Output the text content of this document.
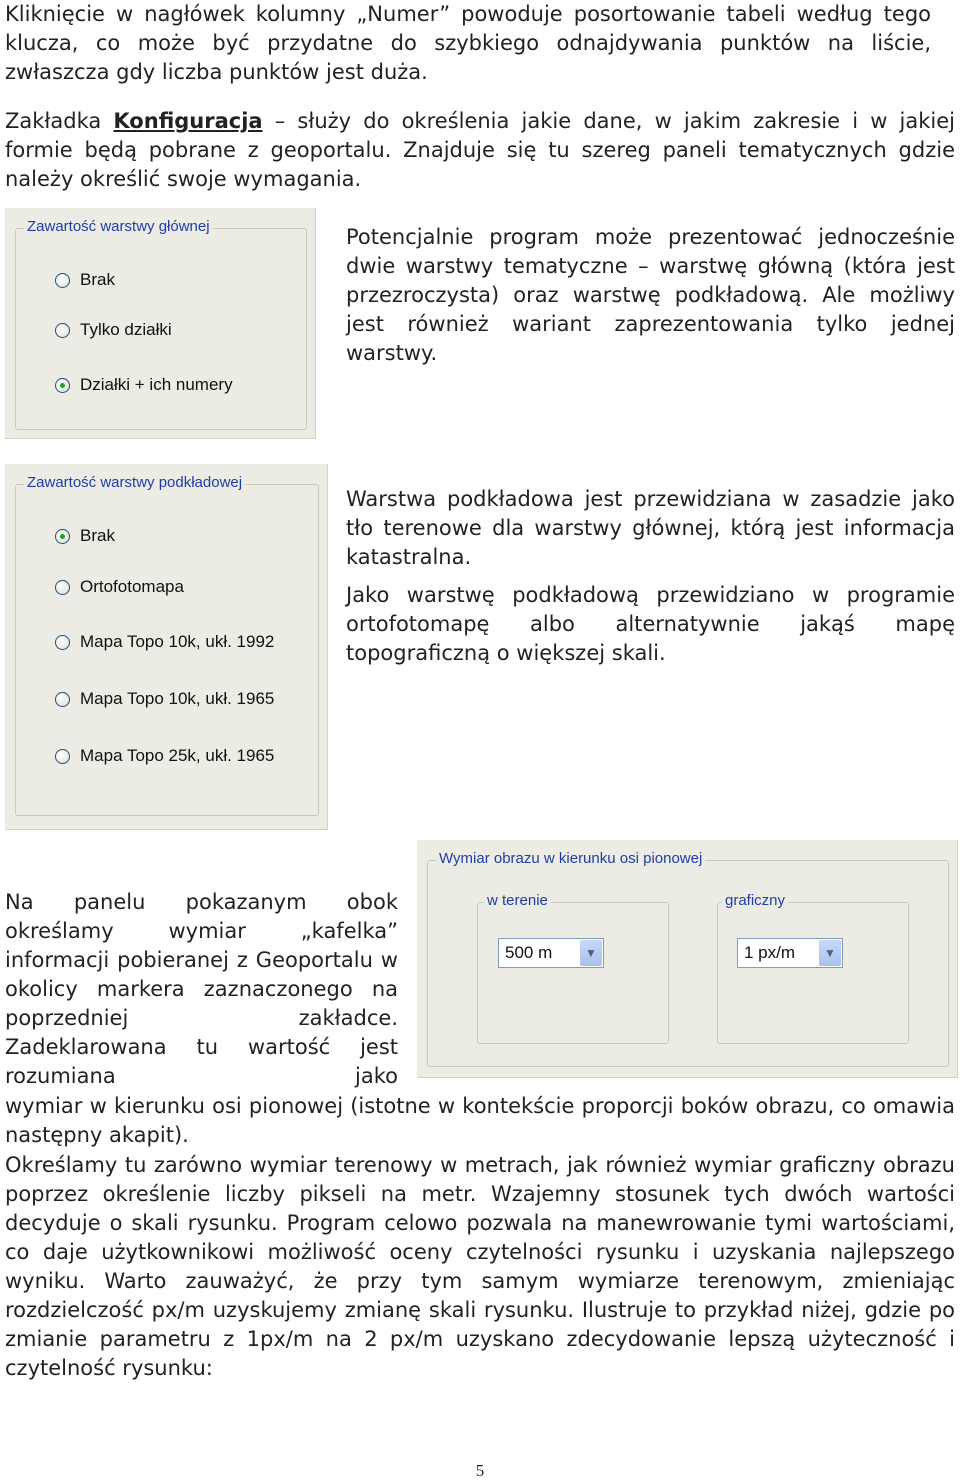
Kliknięcie w nagłówek kolumny „Numer” powoduje posortowanie tabeli według tego klucza, co może być przydatne do szybkiego odnajdywania punktów na liście, zwłaszcza gdy liczba punktów jest duża.

Zakładka Konfiguracja – służy do określenia jakie dane, w jakim zakresie i w jakiej formie będą pobrane z geoportalu. Znajduje się tu szereg paneli tematycznych gdzie należy określić swoje wymagania.

Zawartość warstwy głównej
Brak
Tylko działki
Działki + ich numery

Potencjalnie program może prezentować jednocześnie dwie warstwy tematyczne – warstwę główną (która jest przezroczysta) oraz warstwę podkładową. Ale możliwy jest również wariant zaprezentowania tylko jednej warstwy.

Zawartość warstwy podkładowej
Brak
Ortofotomapa
Mapa Topo 10k, ukł. 1992
Mapa Topo 10k, ukł. 1965
Mapa Topo 25k, ukł. 1965

Warstwa podkładowa jest przewidziana w zasadzie jako tło terenowe dla warstwy głównej, którą jest informacja katastralna.

Jako warstwę podkładową przewidziano w programie ortofotomapę albo alternatywnie jakąś mapę topograficzną o większej skali.

Wymiar obrazu w kierunku osi pionowej
w terenie
500 m	▼
graficzny
1 px/m	▼

Na panelu pokazanym obok określamy wymiar „kafelka” informacji pobieranej z Geoportalu w okolicy markera zaznaczonego na poprzedniej zakładce. Zadeklarowana tu wartość jest rozumiana jako

wymiar w kierunku osi pionowej (istotne w kontekście proporcji boków obrazu, co omawia następny akapit).

Określamy tu zarówno wymiar terenowy w metrach, jak również wymiar graficzny obrazu poprzez określenie liczby pikseli na metr. Wzajemny stosunek tych dwóch wartości decyduje o skali rysunku. Program celowo pozwala na manewrowanie tymi wartościami, co daje użytkownikowi możliwość oceny czytelności rysunku i uzyskania najlepszego wyniku. Warto zauważyć, że przy tym samym wymiarze terenowym, zmieniając rozdzielczość px/m uzyskujemy zmianę skali rysunku. Ilustruje to przykład niżej, gdzie po zmianie parametru z 1px/m na 2 px/m uzyskano zdecydowanie lepszą użyteczność i czytelność rysunku:

5
